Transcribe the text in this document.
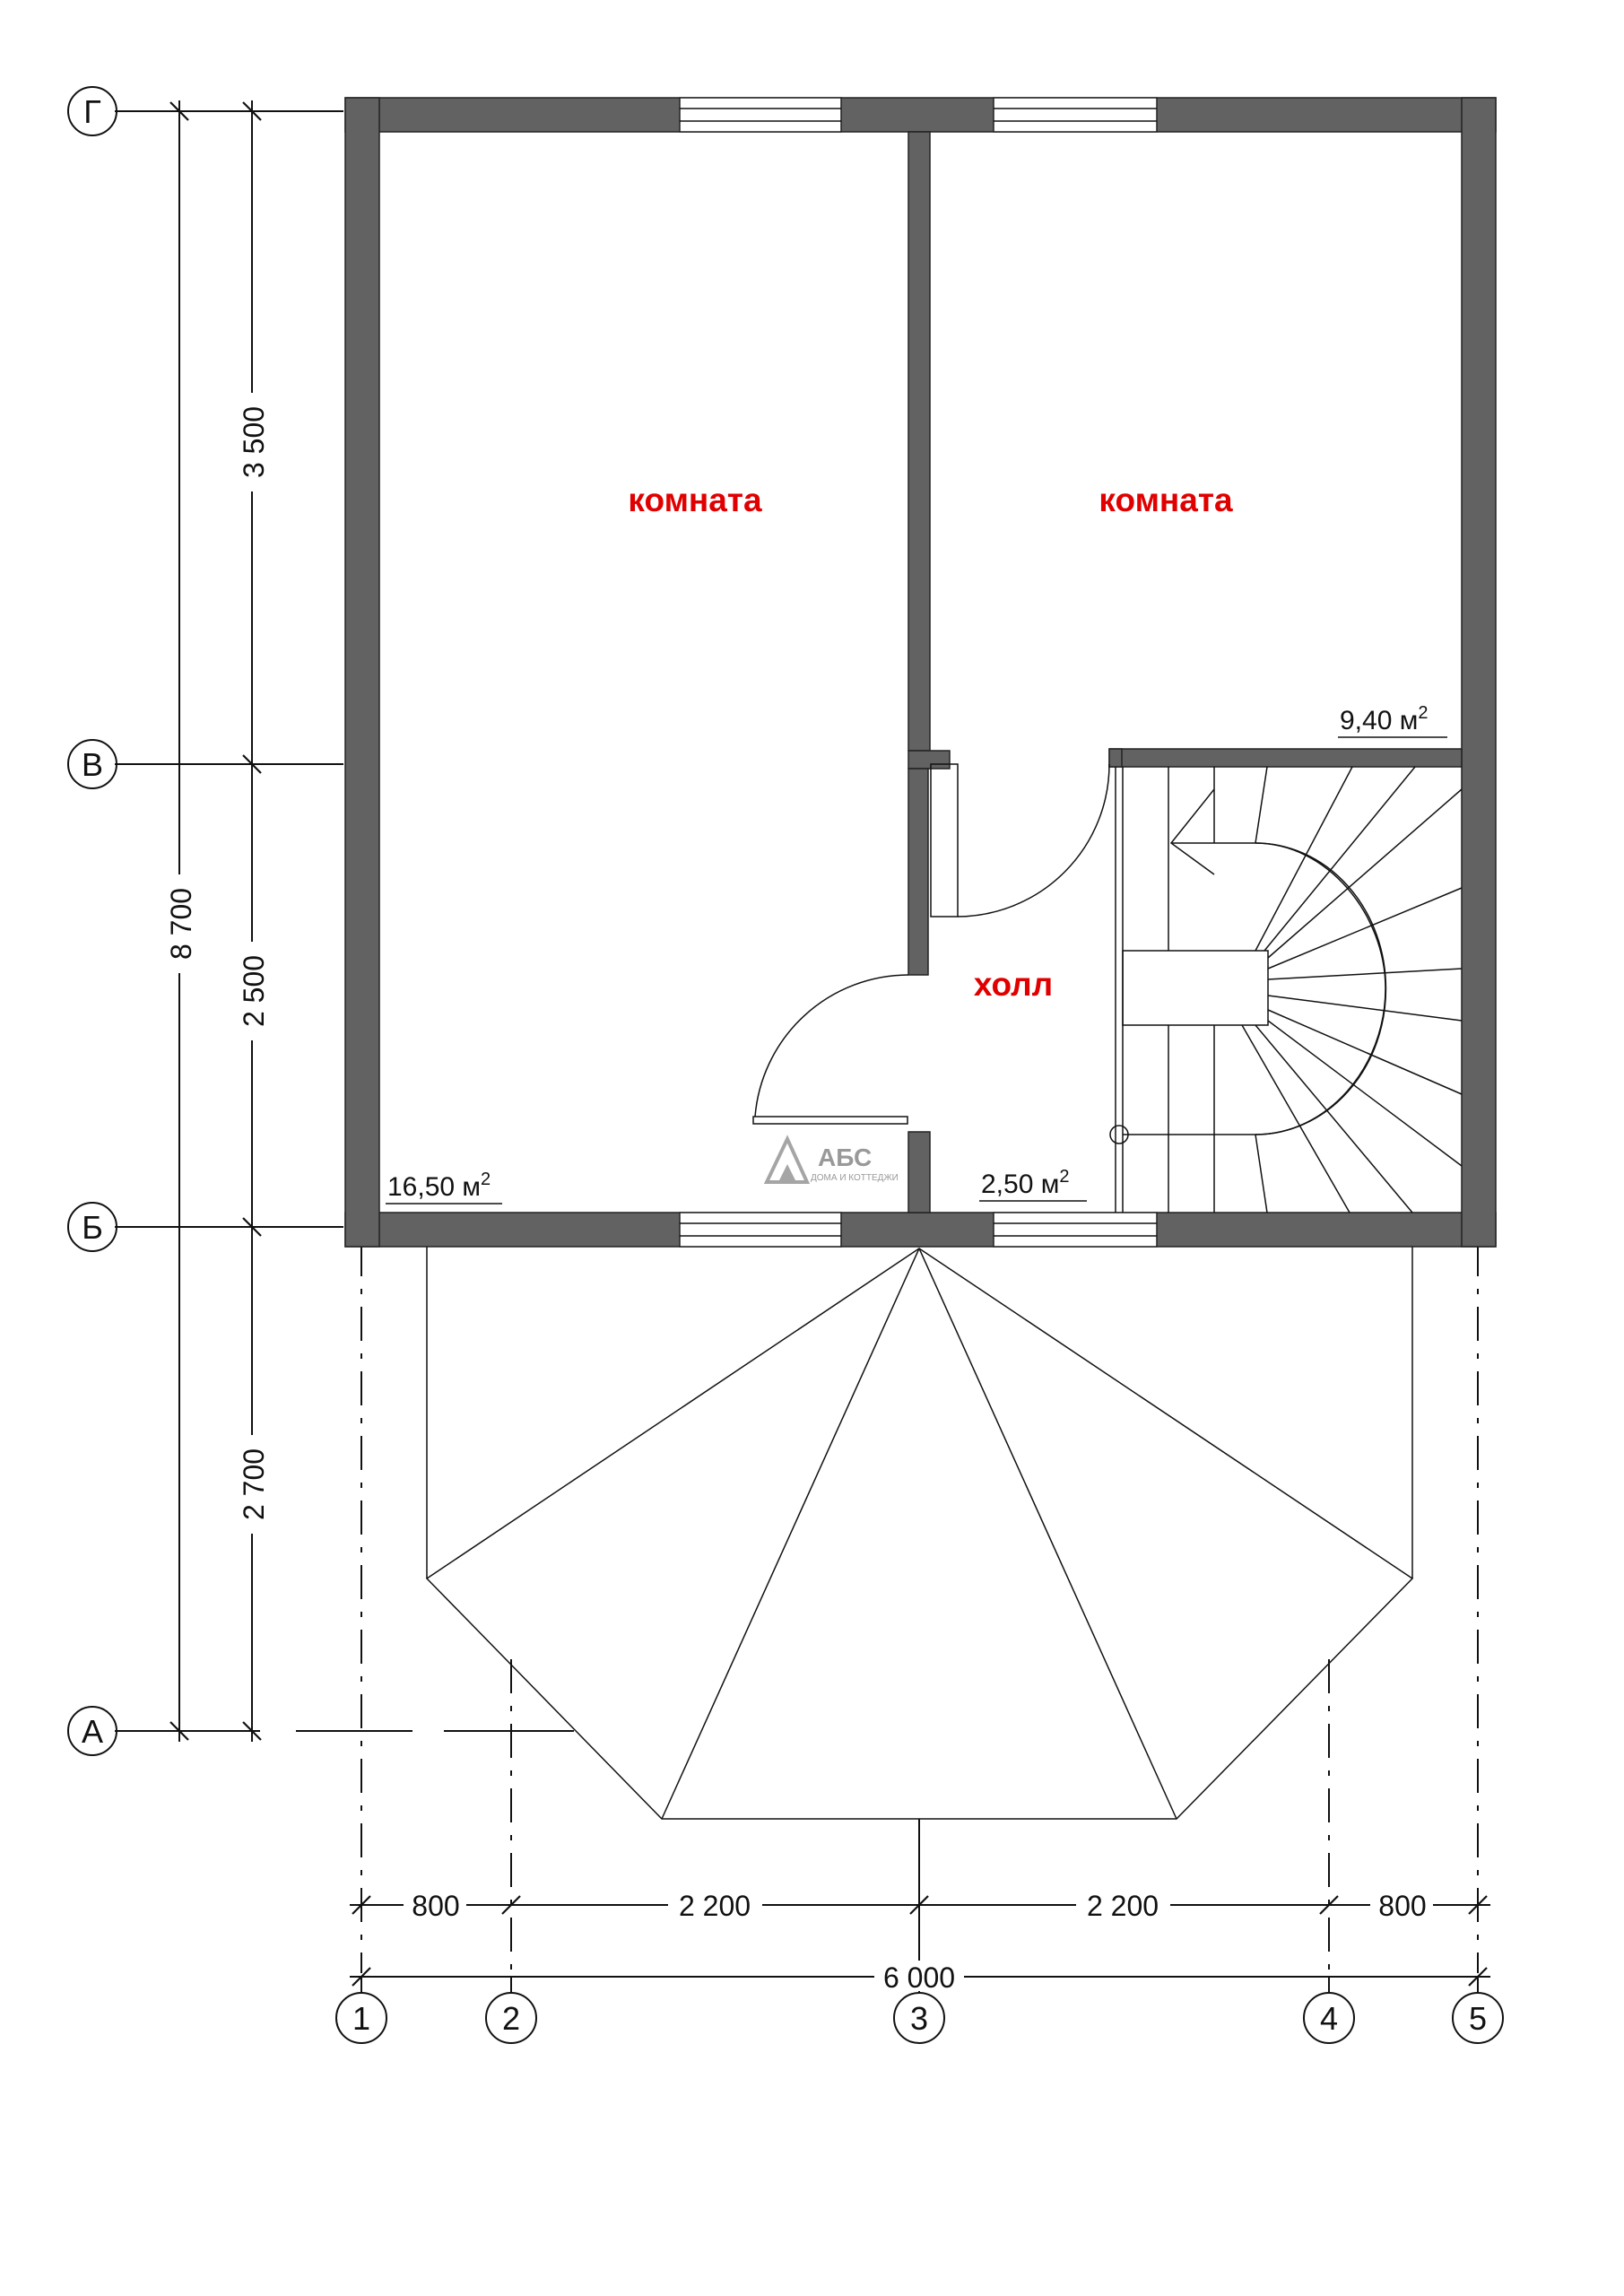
3 500
2 500
2 700
8 700
Г
В
Б
А
комната	комната
холл
16,50 $м^2$
9,40 $м^2$
2,50 $м^2$
АБС
ДОМА И КОТТЕДЖИ
800	2 200	2 200	800
6 000
1	2	3	4	5
